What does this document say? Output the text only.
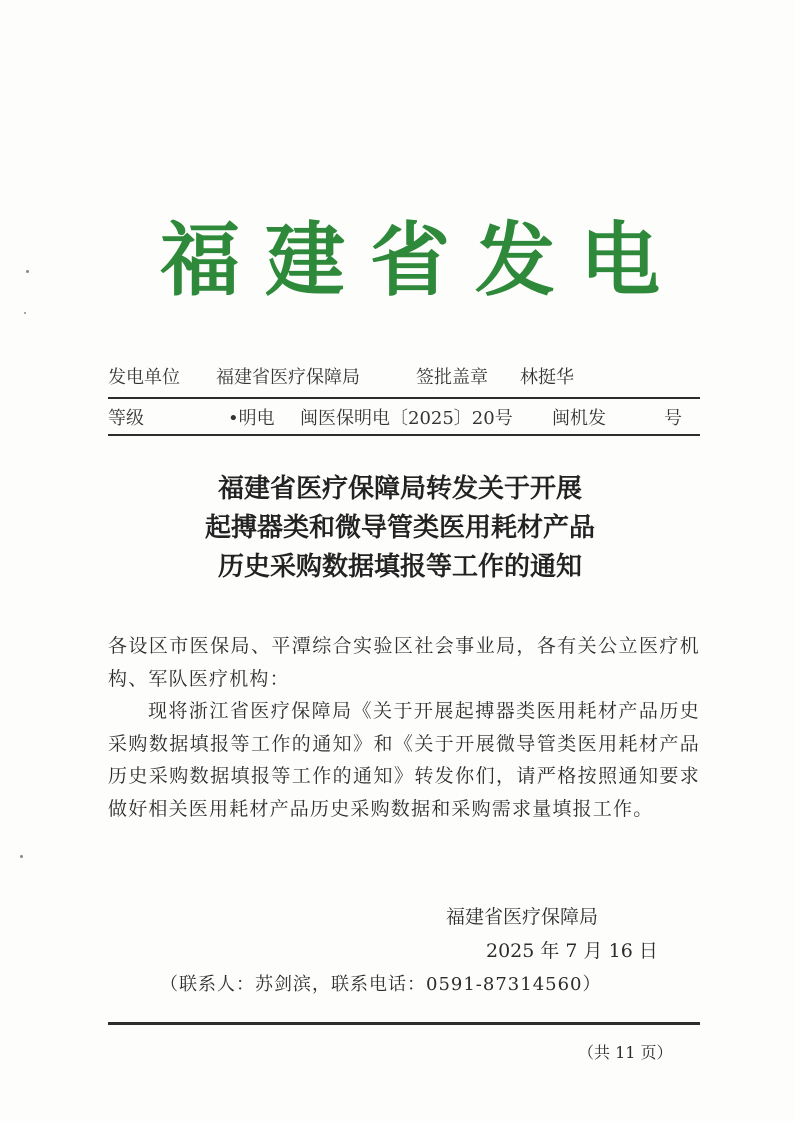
福 建 省 发 电
发电单位 福建省医疗保障局	签批盖章 林挺华
等级	•明电 闽医保明电〔2025〕20号 闽机发	号
福建省医疗保障局转发关于开展
起搏器类和微导管类医用耗材产品
历史采购数据填报等工作的通知

各设区市医保局、平潭综合实验区社会事业局，各有关公立医疗机构、军队医疗机构：

现将浙江省医疗保障局《关于开展起搏器类医用耗材产品历史采购数据填报等工作的通知》和《关于开展微导管类医用耗材产品历史采购数据填报等工作的通知》转发你们，请严格按照通知要求做好相关医用耗材产品历史采购数据和采购需求量填报工作。

福建省医疗保障局
2025 年 7 月 16 日
（联系人：苏剑滨，联系电话：0591-87314560）
（共 11 页）
